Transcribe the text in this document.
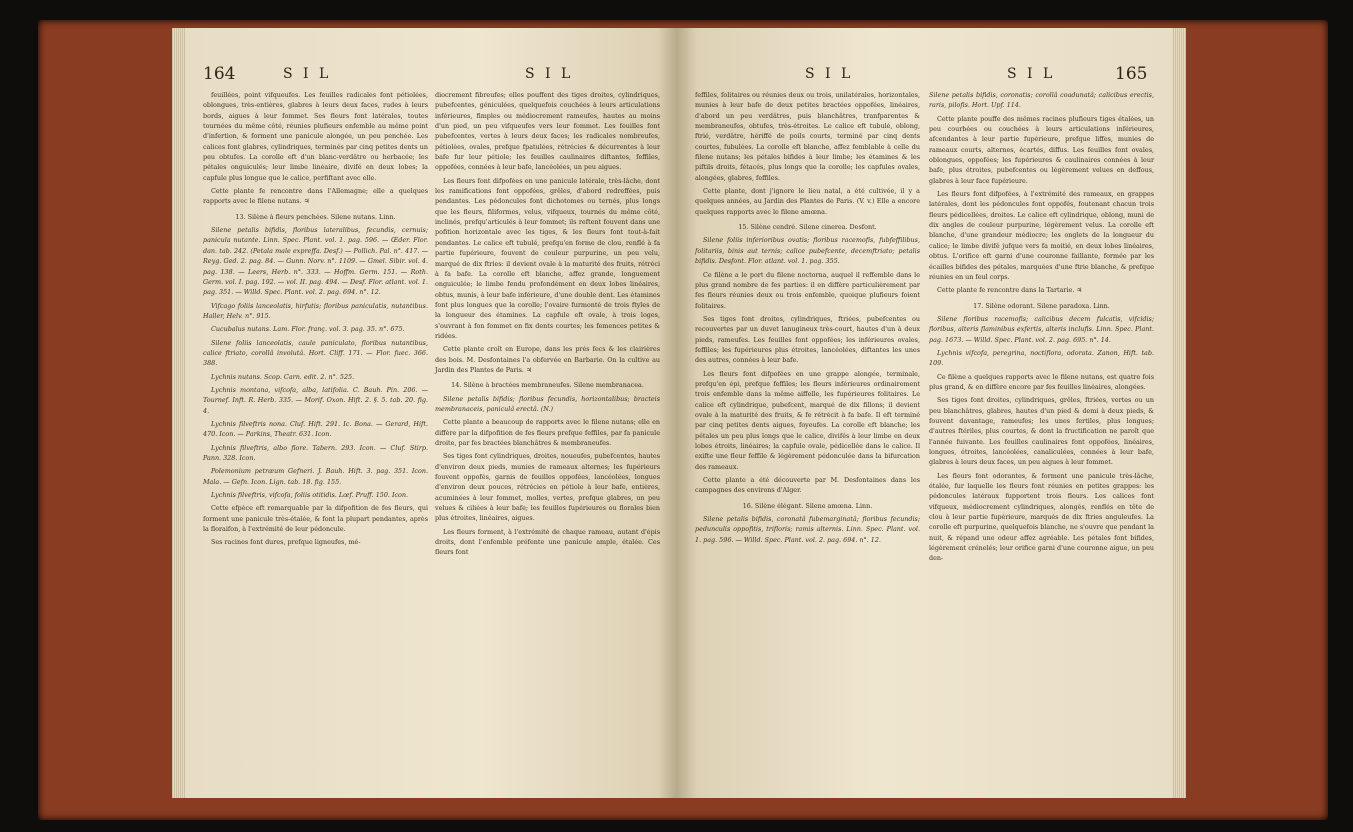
164	S I L	S I L

feuillées, point vifqueufes. Les feuilles radicales font pétiolées, oblongues, très-entières, glabres à leurs deux faces, rudes à leurs bords, aigues à leur fommet. Ses fleurs font latérales, toutes tournées du même côté, réunies plufieurs enfemble au même point d'infertion, & forment une panicule alongée, un peu penchée. Les calices font glabres, cylindriques, terminés par cinq petites dents un peu obtufes. La corolle eft d'un blanc-verdâtre ou herbacée; les pétales onguiculés; leur limbe linéaire, divifé en deux lobes; la capfule plus longue que le calice, perfiftant avec elle.

Cette plante fe rencontre dans l'Allemagne; elle a quelques rapports avec le filene nutans. ♃

13. Silène à fleurs penchées. Silene nutans. Linn.

Silene petalis bifidis, floribus lateralibus, fecundis, cernuis; panicula nutante. Linn. Spec. Plant. vol. 1. pag. 596. — Œder. Flor. dan. tab. 242. (Petala male expreffa. Desf.) — Pollich. Pal. n°. 417. — Reyg. Ged. 2. pag. 84. — Gunn. Norv. n°. 1109. — Gmel. Sibir. vol. 4. pag. 138. — Leers, Herb. n°. 333. — Hoffm. Germ. 151. — Roth. Germ. vol. I. pag. 192. — vol. II. pag. 494. — Desf. Flor. atlant. vol. 1. pag. 351. — Willd. Spec. Plant. vol. 2. pag. 694. n°. 12.

Vifcago foliis lanceolatis, hirfutis; floribus paniculatis, nutantibus. Haller, Helv. n°. 915.

Cucubalus nutans. Lam. Flor. franç. vol. 3. pag. 35. n°. 675.

Silene foliis lanceolatis, caule paniculato, floribus nutantibus, calice ftriato, corollâ involutâ. Hort. Cliff. 171. — Flor. fuec. 366. 388.

Lychnis nutans. Scop. Carn. edit. 2. n°. 525.

Lychnis montana, vifcofa, alba, latifolia. C. Bauh. Pin. 206. — Tournef. Inft. R. Herb. 335. — Morif. Oxon. Hift. 2. §. 5. tab. 20. fig. 4.

Lychnis filveftris nona. Cluf. Hift. 291. Ic. Bona. — Gerard, Hift. 470. Icon. — Parkins, Theatr. 631. Icon.

Lychnis filveftris, albo flore. Tabern. 293. Icon. — Cluf. Stirp. Pann. 328. Icon.

Polemonium petræum Gefneri. J. Bauh. Hift. 3. pag. 351. Icon. Mala. — Gefn. Icon. Lign. tab. 18. fig. 155.

Lychnis filveftris, vifcofa, foliis otitidis. Lœf. Pruff. 150. Icon.

Cette efpèce eft remarquable par la difpofition de fes fleurs, qui forment une panicule très-étalée, & font la plupart pendantes, après la floraifon, à l'extrémité de leur pédoncule.

Ses racines font dures, prefque ligneufes, mé-

diocrement fibreufes; elles pouffent des tiges droites, cylindriques, pubefcentes, géniculées, quelquefois couchées à leurs articulations inférieures, fimples ou médiocrement rameufes, hautes au moins d'un pied, un peu vifqueufes vers leur fommet. Les feuilles font pubefcentes, vertes à leurs deux faces; les radicales nombreufes, pétiolées, ovales, prefque fpatulées, rétrécies & décurrentes à leur bafe fur leur pétiole; les feuilles caulinaires diftantes, feffiles, oppofées, connées à leur bafe, lancéolées, un peu aigues.

Les fleurs font difpofées en une panicule latérale, très-lâche, dont les ramifications font oppofées, grêles, d'abord redreffées, puis pendantes. Les pédoncules font dichotomes ou ternés, plus longs que les fleurs, filiformes, velus, vifqueux, tournés du même côté, inclinés, prefqu'articulés à leur fommet; ils reftent fouvent dans une pofition horizontale avec les tiges, & les fleurs font tout-à-fait pendantes. Le calice eft tubulé, prefqu'en forme de clou, renflé à fa partie fupérieure, fouvent de couleur purpurine, un peu velu, marqué de dix ftries: il devient ovale à la maturité des fruits, rétréci à fa bafe. La corolle eft blanche, affez grande, longuement onguiculée; le limbe fendu profondément en deux lobes linéaires, obtus, munis, à leur bafe inférieure, d'une double dent. Les étamines font plus longues que la corolle; l'ovaire furmonté de trois ftyles de la longueur des étamines. La capfule eft ovale, à trois loges, s'ouvrant à fon fommet en fix dents courtes; les femences petites & ridées.

Cette plante croît en Europe, dans les prés fecs & les clairières des bois. M. Desfontaines l'a obfervée en Barbarie. On la cultive au Jardin des Plantes de Paris. ♃

14. Silène à bractées membraneufes. Silene membranacea.

Silene petalis bifidis; floribus fecundis, horizontalibus; bracteis membranaceis, paniculâ erectâ. (N.)

Cette plante a beaucoup de rapports avec le filene nutans; elle en diffère par la difpofition de fes fleurs prefque feffiles, par fa panicule droite, par fes bractées blanchâtres & membraneufes.

Ses tiges font cylindriques, droites, noueufes, pubefcentes, hautes d'environ deux pieds, munies de rameaux alternes; les fupérieurs fouvent oppofés, garnis de feuilles oppofées, lancéolées, longues d'environ deux pouces, rétrécies en pétiole à leur bafe, entières, acuminées à leur fommet, molles, vertes, prefque glabres, un peu velues & ciliées à leur bafe; les feuilles fupérieures ou florales bien plus étroites, linéaires, aigues.

Les fleurs forment, à l'extrémité de chaque rameau, autant d'épis droits, dont l'enfemble préfente une panicule ample, étalée. Ces fleurs font

S I L	S I L	165

feffiles, folitaires ou réunies deux ou trois, unilatérales, horizontales, munies à leur bafe de deux petites bractées oppofées, linéaires, d'abord un peu verdâtres, puis blanchâtres, tranfparentes & membraneufes, obtufes, très-étroites. Le calice eft tubulé, oblong, ftrié, verdâtre, hériffé de poils courts, terminé par cinq dents courtes, fubulées. La corolle eft blanche, affez femblable à celle du filene nutans; les pétales bifides à leur limbe; les étamines & les piftils droits, fétacés, plus longs que la corolle; les capfules ovales, alongées, glabres, feffiles.

Cette plante, dont j'ignore le lieu natal, a été cultivée, il y a quelques années, au Jardin des Plantes de Paris. (V. v.) Elle a encore quelques rapports avec le filene amœna.

15. Silène cendré. Silene cinerea. Desfont.

Silene foliis inferioribus ovatis; floribus racemofis, fubfeffilibus, folitariis, binis aut ternis; calice pubefcente, decemftriato; petalis bifidis. Desfont. Flor. atlant. vol. 1. pag. 355.

Ce filène a le port du filene noctorna, auquel il reffemble dans le plus grand nombre de fes parties: il en diffère particulièrement par fes fleurs réunies deux ou trois enfemble, quoique plufieurs foient folitaires.

Ses tiges font droites, cylindriques, ftriées, pubefcentes ou recouvertes par un duvet lanugineux très-court, hautes d'un à deux pieds, rameufes. Les feuilles font oppofées; les inférieures ovales, feffiles; les fupérieures plus étroites, lancéolées, diftantes les unes des autres, connées à leur bafe.

Les fleurs font difpofées en une grappe alongée, terminale, prefqu'en épi, prefque feffiles; les fleurs inférieures ordinairement trois enfemble dans la même aiffelle, les fupérieures folitaires. Le calice eft cylindrique, pubefcent, marqué de dix fillons; il devient ovale à la maturité des fruits, & fe rétrécit à fa bafe. Il eft terminé par cinq petites dents aigues, foyeufes. La corolle eft blanche; les pétales un peu plus longs que le calice, divifés à leur limbe en deux lobes étroits, linéaires; la capfule ovale, pédicellée dans le calice. Il exifte une fleur feffile & légèrement pédonculée dans la bifurcation des rameaux.

Cette plante a été découverte par M. Desfontaines dans les campagnes des environs d'Alger.

16. Silène élégant. Silene amœna. Linn.

Silene petalis bifidis, coronatâ fubemarginatâ; floribus fecundis; pedunculis oppofitis, trifloris; ramis alternis. Linn. Spec. Plant. vol. 1. pag. 596. — Willd. Spec. Plant. vol. 2. pag. 694. n°. 12.

Silene petalis bifidis, coronatis; corollâ coadunatâ; calicibus erectis, raris, pilofis. Hort. Upf. 114.

Cette plante pouffe des mêmes racines plufieurs tiges étalées, un peu courbées ou couchées à leurs articulations inférieures, afcendantes à leur partie fupérieure, prefque liffes, munies de rameaux courts, alternes, écartés, diffus. Les feuilles font ovales, oblongues, oppofées; les fupérieures & caulinaires connées à leur bafe, plus étroites, pubefcentes ou légèrement velues en deffous, glabres à leur face fupérieure.

Les fleurs font difpofées, à l'extrémité des rameaux, en grappes latérales, dont les pédoncules font oppofés, foutenant chacun trois fleurs pédicellées, droites. Le calice eft cylindrique, oblong, muni de dix angles de couleur purpurine, légèrement velus. La corolle eft blanche, d'une grandeur médiocre; les onglets de la longueur du calice; le limbe divifé jufque vers fa moitié, en deux lobes linéaires, obtus. L'orifice eft garni d'une couronne faillante, formée par les écailles bifides des pétales, marquées d'une ftrie blanche, & prefque réunies en un feul corps.

Cette plante fe rencontre dans la Tartarie. ♃

17. Silène odorant. Silene paradoxa. Linn.

Silene floribus racemofis; calicibus decem fulcatis, vifcidis; floribus, alteris flaminibus exfertis, alteris inclufis. Linn. Spec. Plant. pag. 1673. — Willd. Spec. Plant. vol. 2. pag. 695. n°. 14.

Lychnis vifcofa, peregrina, noctiflora, odorata. Zanon, Hift. tab. 109.

Ce filène a quelques rapports avec le filene nutans, est quatre fois plus grand, & en diffère encore par fes feuilles linéaires, alongées.

Ses tiges font droites, cylindriques, grêles, ftriées, vertes ou un peu blanchâtres, glabres, hautes d'un pied & demi à deux pieds, & fouvent davantage, rameufes; les unes fertiles, plus longues; d'autres ftériles, plus courtes, & dont la fructification ne paroît que l'année fuivante. Les feuilles caulinaires font oppofées, linéaires, longues, étroites, lancéolées, canaliculées, connées à leur bafe, glabres à leurs deux faces, un peu aigues à leur fommet.

Les fleurs font odorantes, & forment une panicule très-lâche, étalée, fur laquelle les fleurs font réunies en petites grappes: les pédoncules latéraux fupportent trois fleurs. Les calices font vifqueux, médiocrement cylindriques, alongés, renflés en tête de clou à leur partie fupérieure, marqués de dix ftries anguleufes. La corolle eft purpurine, quelquefois blanche, ne s'ouvre que pendant la nuit, & répand une odeur affez agréable. Les pétales font bifides, légèrement crénelés; leur orifice garni d'une couronne aigue, un peu den-
